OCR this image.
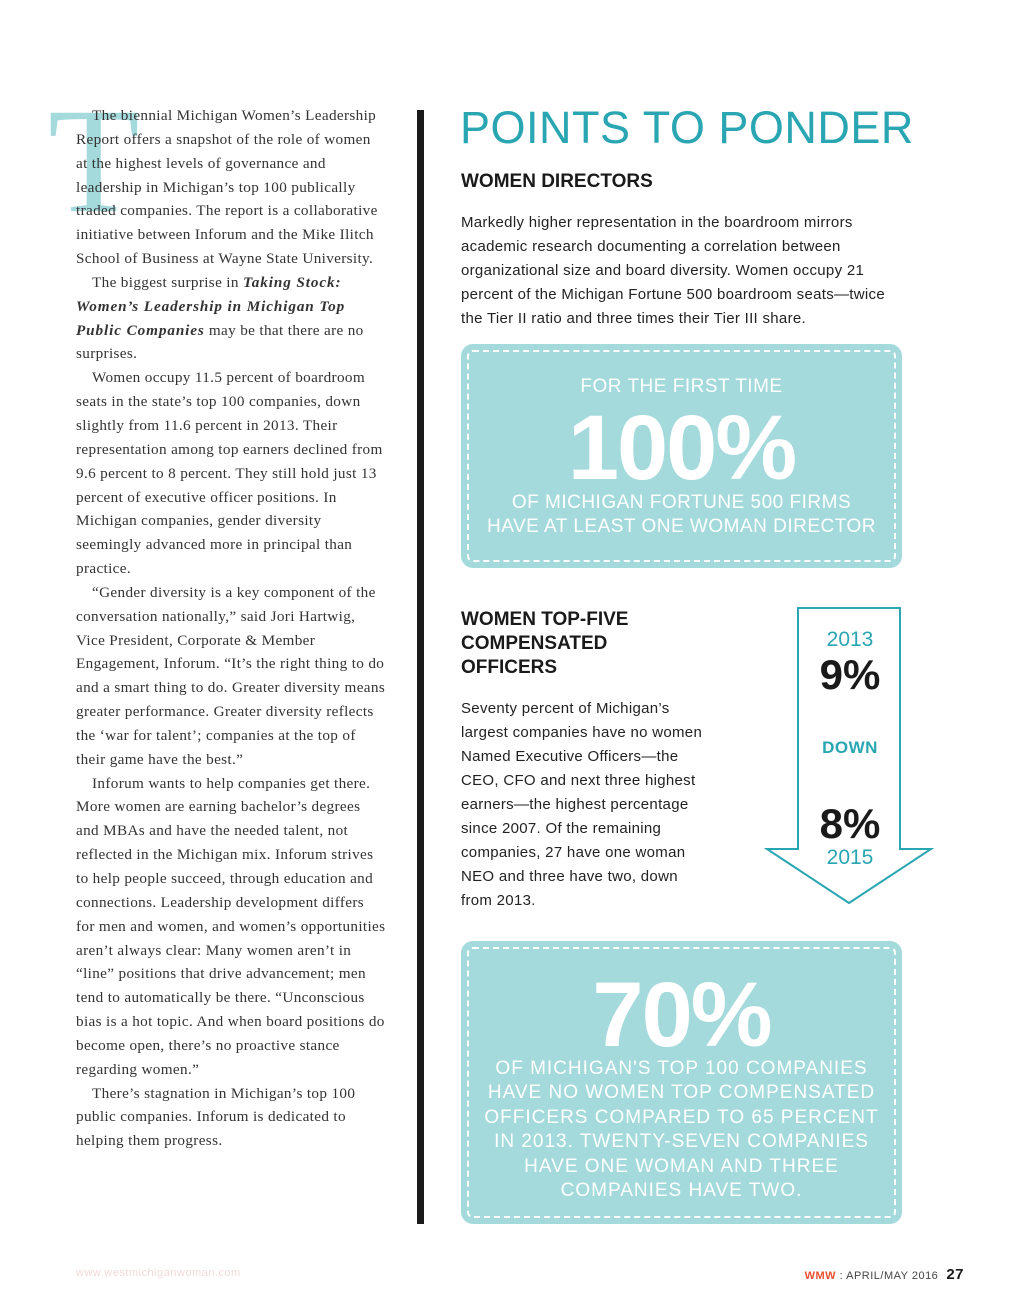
T

The biennial Michigan Women’s Leadership Report offers a snapshot of the role of women at the highest levels of governance and leadership in Michigan’s top 100 publically traded companies. The report is a collaborative initiative between Inforum and the Mike Ilitch School of Business at Wayne State University.

The biggest surprise in Taking Stock: Women’s Leadership in Michigan Top Public Companies may be that there are no surprises.

Women occupy 11.5 percent of boardroom seats in the state’s top 100 companies, down slightly from 11.6 percent in 2013. Their representation among top earners declined from 9.6 percent to 8 percent. They still hold just 13 percent of executive officer positions. In Michigan companies, gender diversity seemingly advanced more in principal than practice.

“Gender diversity is a key component of the conversation nationally,” said Jori Hartwig, Vice President, Corporate & Member Engagement, Inforum. “It’s the right thing to do and a smart thing to do. Greater diversity means greater performance. Greater diversity reflects the ‘war for talent’; companies at the top of their game have the best.”

Inforum wants to help companies get there. More women are earning bachelor’s degrees and MBAs and have the needed talent, not reflected in the Michigan mix. Inforum strives to help people succeed, through education and connections. Leadership development differs for men and women, and women’s opportunities aren’t always clear: Many women aren’t in “line” positions that drive advancement; men tend to automatically be there. “Unconscious bias is a hot topic. And when board positions do become open, there’s no proactive stance regarding women.”

There’s stagnation in Michigan’s top 100 public companies. Inforum is dedicated to helping them progress.

POINTS TO PONDER
WOMEN DIRECTORS

Markedly higher representation in the boardroom mirrors academic research documenting a correlation between organizational size and board diversity. Women occupy 21 percent of the Michigan Fortune 500 boardroom seats—twice the Tier II ratio and three times their Tier III share.

FOR THE FIRST TIME
100%
OF MICHIGAN FORTUNE 500 FIRMS
HAVE AT LEAST ONE WOMAN DIRECTOR
WOMEN TOP-FIVE
COMPENSATED
OFFICERS

Seventy percent of Michigan’s largest companies have no women Named Executive Officers—the CEO, CFO and next three highest earners—the highest percentage since 2007. Of the remaining companies, 27 have one woman NEO and three have two, down from 2013.

2013
9%
DOWN
8%
2015
70%
OF MICHIGAN'S TOP 100 COMPANIES
HAVE NO WOMEN TOP COMPENSATED
OFFICERS COMPARED TO 65 PERCENT
IN 2013. TWENTY-SEVEN COMPANIES
HAVE ONE WOMAN AND THREE
COMPANIES HAVE TWO.
www.westmichiganwoman.com	WMW : APRIL/MAY 2016 27
